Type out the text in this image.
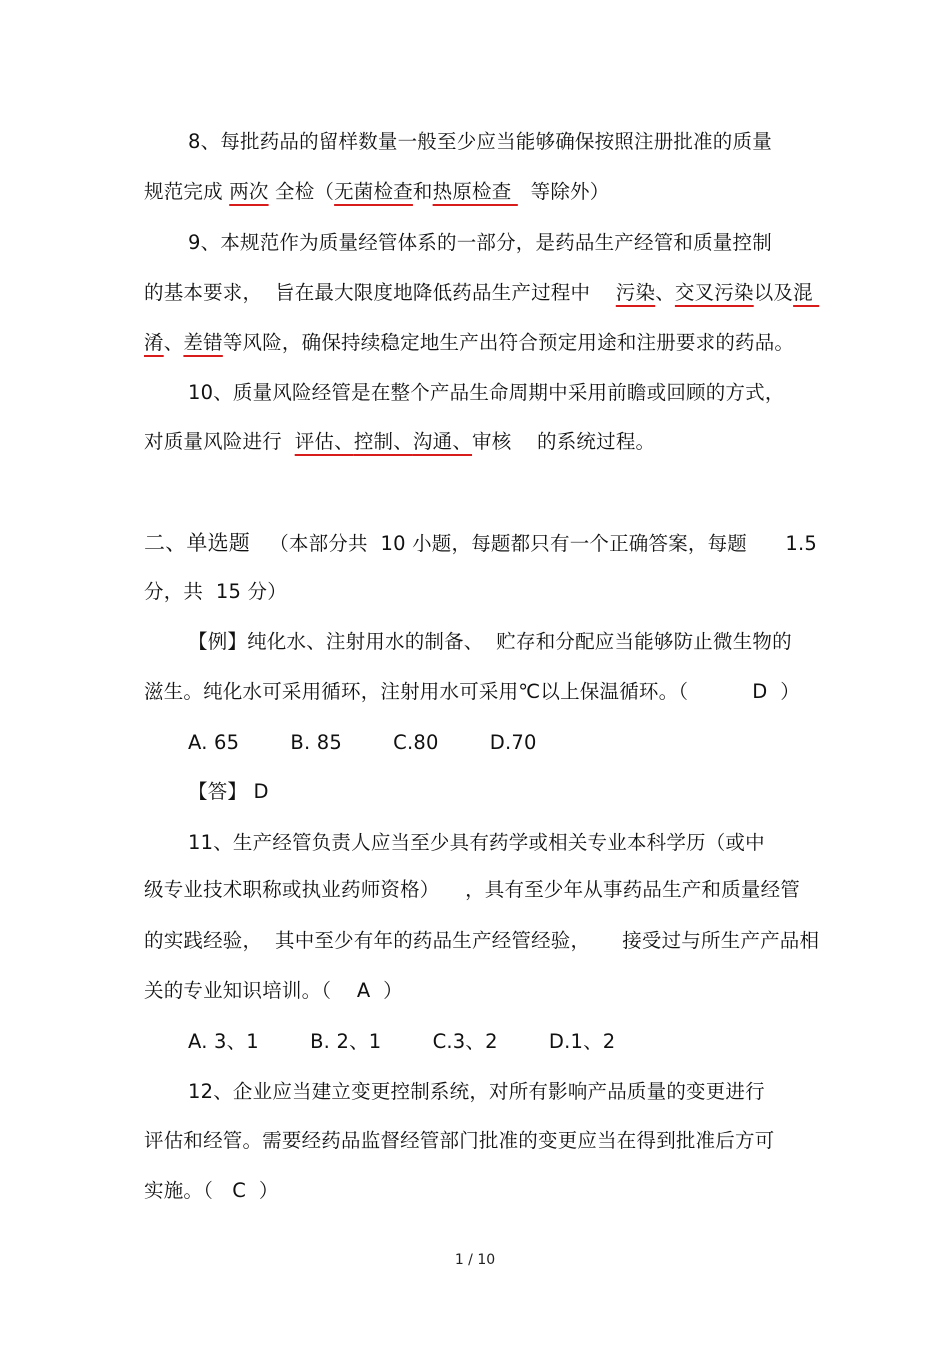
8、每批药品的留样数量一般至少应当能够确保按照注册批准的质量
规范完成 两次 全检（无菌检查和热原检查   等除外）
9、本规范作为质量经管体系的一部分，是药品生产经管和质量控制
的基本要求，  旨在最大限度地降低药品生产过程中    污染、交叉污染以及混
淆、差错等风险，确保持续稳定地生产出符合预定用途和注册要求的药品。
10、质量风险经管是在整个产品生命周期中采用前瞻或回顾的方式，
对质量风险进行  评估、控制、沟通、审核    的系统过程。
二、单选题   （本部分共  10 小题，每题都只有一个正确答案，每题      1.5
分，共  15 分）
【例】纯化水、注射用水的制备、  贮存和分配应当能够防止微生物的
滋生。纯化水可采用循环，注射用水可采用℃以上保温循环。（          D  ）
A. 65        B. 85        C.80        D.70
【答】 D
11、生产经管负责人应当至少具有药学或相关专业本科学历（或中
级专业技术职称或执业药师资格）    ，具有至少年从事药品生产和质量经管
的实践经验，  其中至少有年的药品生产经管经验，     接受过与所生产产品相
关的专业知识培训。（    A  ）
A. 3、1        B. 2、1        C.3、2        D.1、2
12、企业应当建立变更控制系统，对所有影响产品质量的变更进行
评估和经管。需要经药品监督经管部门批准的变更应当在得到批准后方可
实施。（   C  ）
1 / 10
